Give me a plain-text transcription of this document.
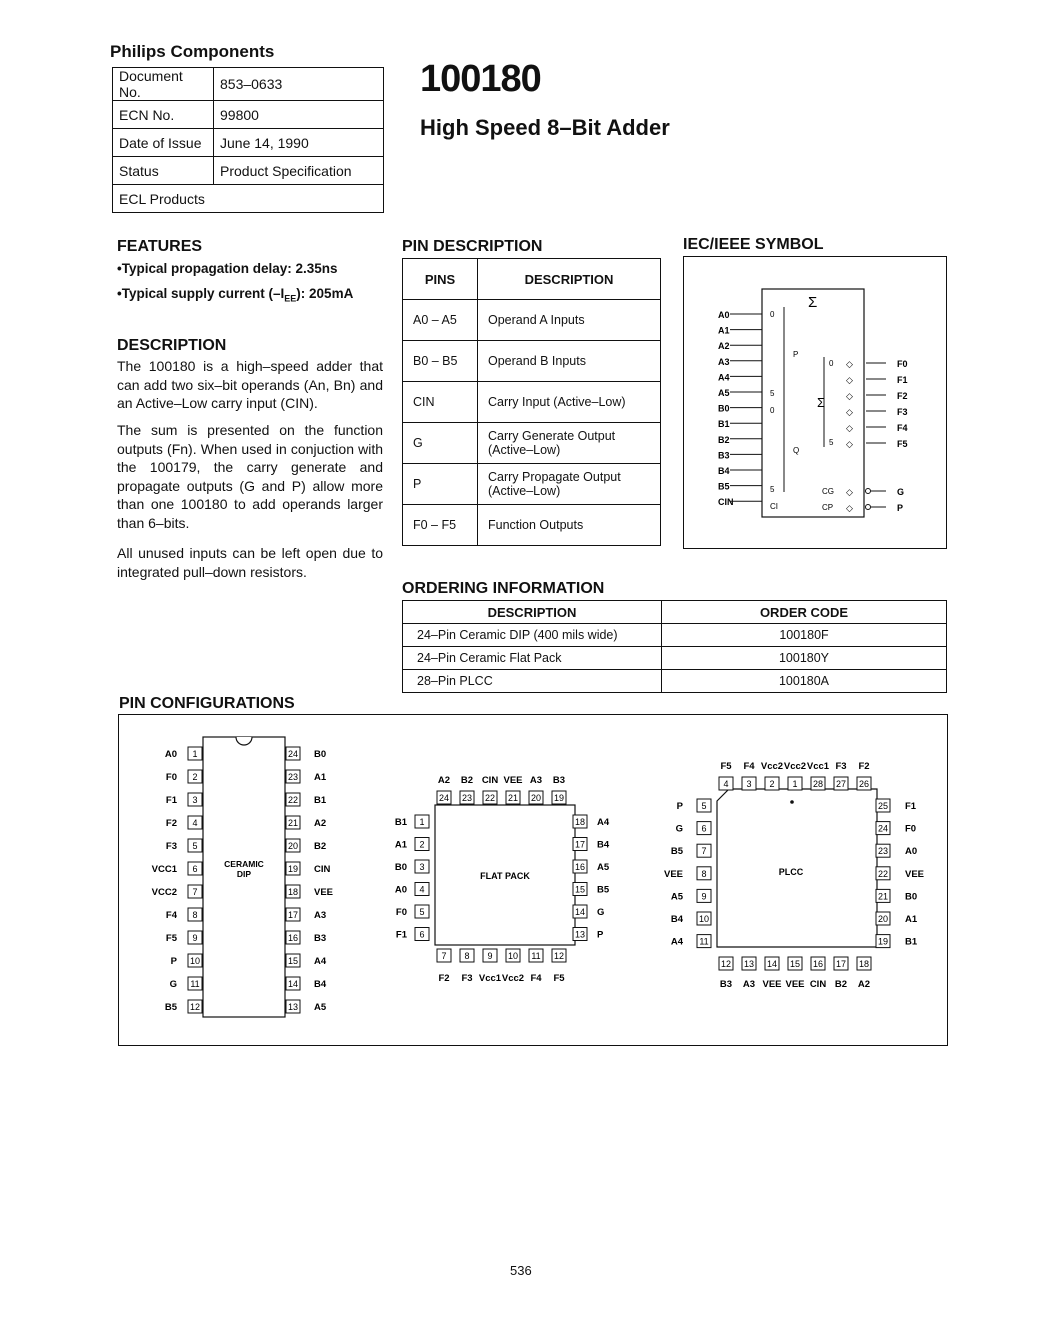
Philips Components
Document No.	853–0633
ECN No.	99800
Date of Issue	June 14, 1990
Status	Product Specification
ECL Products	
100180
High Speed 8–Bit Adder
FEATURES
•Typical propagation delay: 2.35ns
•Typical supply current $(-I_{EE})$: 205mA
DESCRIPTION
The 100180 is a high–speed adder that can add two six–bit operands (An, Bn) and an Active–Low carry input (CIN).
The sum is presented on the function outputs (Fn). When used in conjuction with the 100179, the carry generate and propagate outputs (G and P) allow more than one 100180 to add operands larger than 6–bits.
All unused inputs can be left open due to integrated pull–down resistors.
PIN DESCRIPTION
PINS	DESCRIPTION
A0 – A5	Operand A Inputs
B0 – B5	Operand B Inputs
CIN	Carry Input (Active–Low)
G	Carry Generate Output (Active–Low)
P	Carry Propagate Output (Active–Low)
F0 – F5	Function Outputs
IEC/IEEE SYMBOL
Σ
A0
A1
A2
A3
A4
A5
B0
B1
B2
B3
B4
B5
CIN
0
5
0
5
P
Q
CI
Σ
0
5
◇	F0
◇	F1
◇	F2
◇	F3
◇	F4
◇	F5
CG ◇	G
CP ◇	P
ORDERING INFORMATION
DESCRIPTION	ORDER CODE
24–Pin Ceramic DIP (400 mils wide)	100180F
24–Pin Ceramic Flat Pack	100180Y
28–Pin PLCC	100180A
PIN CONFIGURATIONS
CERAMIC
DIP
A0 1	24 B0
F0 2	23 A1
F1 3	22 B1
F2 4	21 A2
F3 5	20 B2
VCC1 6	19 CIN
VCC2 7	18 VEE
F4 8	17 A3
F5 9	16 B3
P 10	15 A4
G 11	14 B4
B5 12	13 A5
FLAT PACK
A2
24
7
F2
B1 1	18 A4
B2
23
8
F3
A1 2	17 B4
CIN
22
9
Vcc1
B0 3	16 A5
VEE
21
10
Vcc2
A0 4	15 B5
A3
20
11
F4
F0 5	14 G
B3
19
12
F5
F1 6	13 P
PLCC
F5
4
12
B3
P 5	25 F1
F4
3
13
A3
G 6	24 F0
Vcc2
2
14
VEE
B5 7	23 A0
Vcc2
1
15
VEE
VEE 8	22 VEE
Vcc1
28
16
CIN
A5 9	21 B0
F3
27
17
B2
B4 10	20 A1
F2
26
18
A2
A4 11	19 B1
536
